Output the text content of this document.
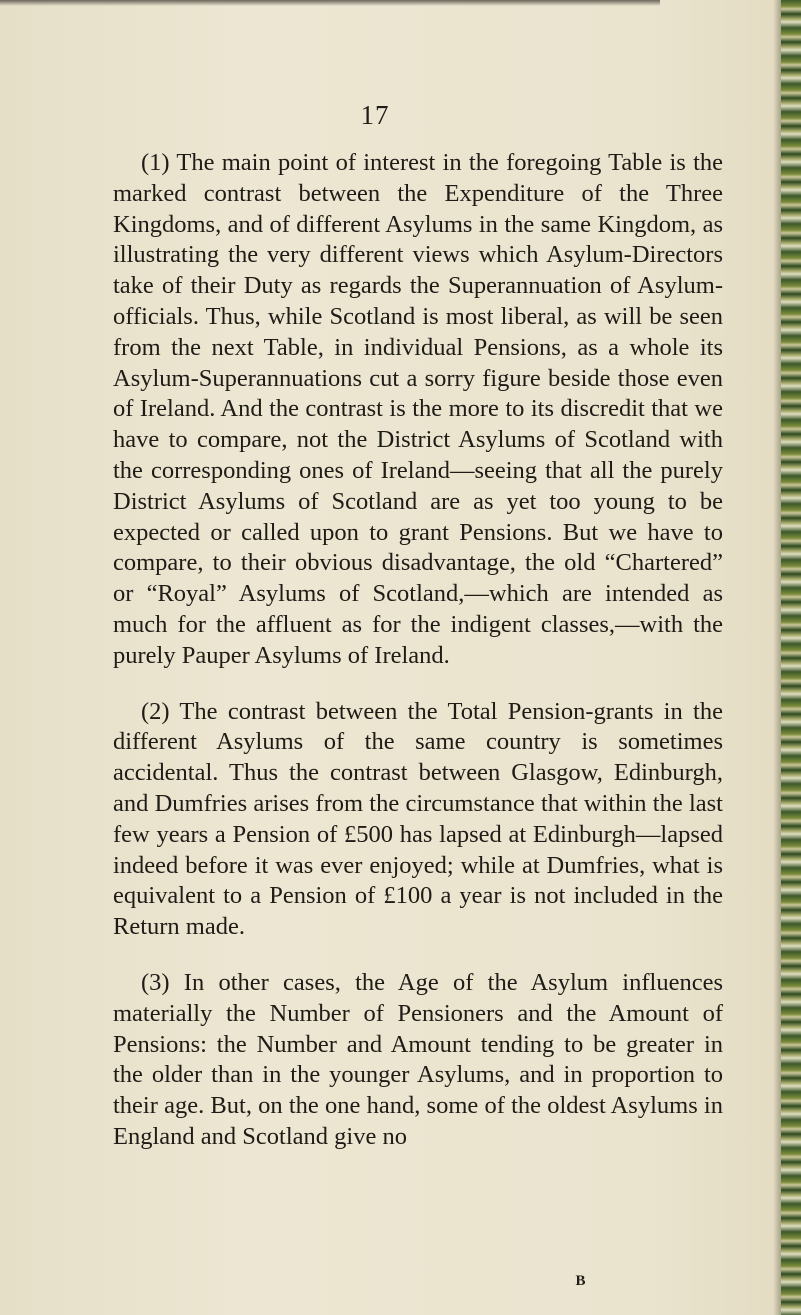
17

(1) The main point of interest in the foregoing Table is the marked contrast between the Expenditure of the Three Kingdoms, and of different Asylums in the same Kingdom, as illustrating the very different views which Asylum-Directors take of their Duty as regards the Superannuation of Asylum-officials. Thus, while Scotland is most liberal, as will be seen from the next Table, in individual Pensions, as a whole its Asylum-Superannuations cut a sorry figure beside those even of Ireland. And the contrast is the more to its discredit that we have to compare, not the District Asylums of Scotland with the corresponding ones of Ireland—seeing that all the purely District Asylums of Scotland are as yet too young to be expected or called upon to grant Pensions. But we have to compare, to their obvious disadvantage, the old “Chartered” or “Royal” Asylums of Scotland,—which are intended as much for the affluent as for the indigent classes,—with the purely Pauper Asylums of Ireland.

(2) The contrast between the Total Pension-grants in the different Asylums of the same country is sometimes accidental. Thus the contrast between Glasgow, Edinburgh, and Dumfries arises from the circumstance that within the last few years a Pension of £500 has lapsed at Edinburgh—lapsed indeed before it was ever enjoyed; while at Dumfries, what is equivalent to a Pension of £100 a year is not included in the Return made.

(3) In other cases, the Age of the Asylum influences materially the Number of Pensioners and the Amount of Pensions: the Number and Amount tending to be greater in the older than in the younger Asylums, and in proportion to their age. But, on the one hand, some of the oldest Asylums in England and Scotland give no

B
